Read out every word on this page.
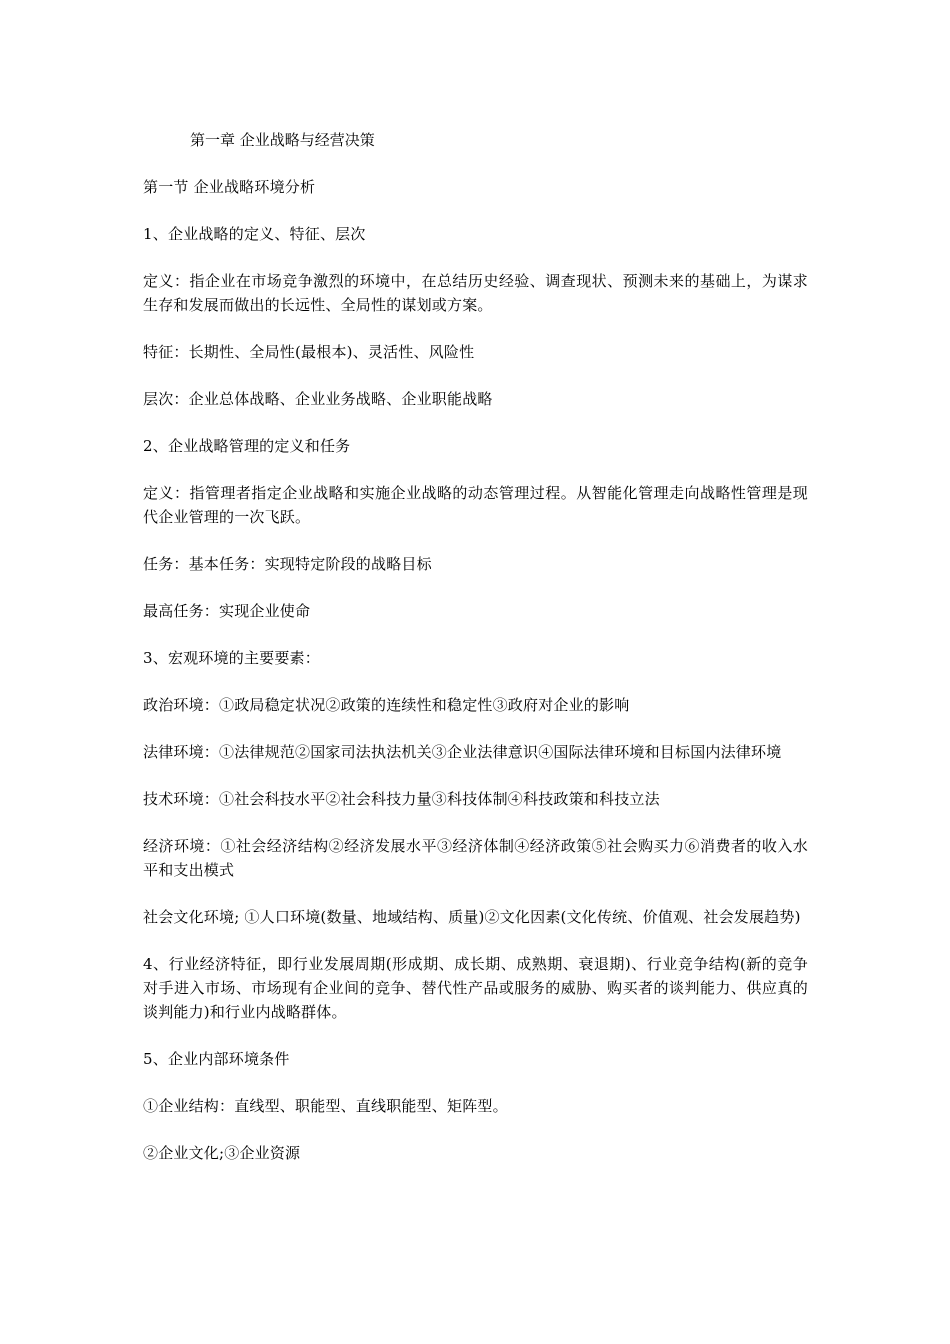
第一章 企业战略与经营决策

第一节 企业战略环境分析

1、企业战略的定义、特征、层次

定义：指企业在市场竞争激烈的环境中，在总结历史经验、调查现状、预测未来的基础上，为谋求生存和发展而做出的长远性、全局性的谋划或方案。

特征：长期性、全局性(最根本)、灵活性、风险性

层次：企业总体战略、企业业务战略、企业职能战略

2、企业战略管理的定义和任务

定义：指管理者指定企业战略和实施企业战略的动态管理过程。从智能化管理走向战略性管理是现代企业管理的一次飞跃。

任务：基本任务：实现特定阶段的战略目标

最高任务：实现企业使命

3、宏观环境的主要要素：

政治环境：①政局稳定状况②政策的连续性和稳定性③政府对企业的影响

法律环境：①法律规范②国家司法执法机关③企业法律意识④国际法律环境和目标国内法律环境

技术环境：①社会科技水平②社会科技力量③科技体制④科技政策和科技立法

经济环境：①社会经济结构②经济发展水平③经济体制④经济政策⑤社会购买力⑥消费者的收入水平和支出模式

社会文化环境; ①人口环境(数量、地域结构、质量)②文化因素(文化传统、价值观、社会发展趋势)

4、行业经济特征，即行业发展周期(形成期、成长期、成熟期、衰退期)、行业竞争结构(新的竞争对手进入市场、市场现有企业间的竞争、替代性产品或服务的威胁、购买者的谈判能力、供应真的谈判能力)和行业内战略群体。

5、企业内部环境条件

①企业结构：直线型、职能型、直线职能型、矩阵型。

②企业文化;③企业资源
